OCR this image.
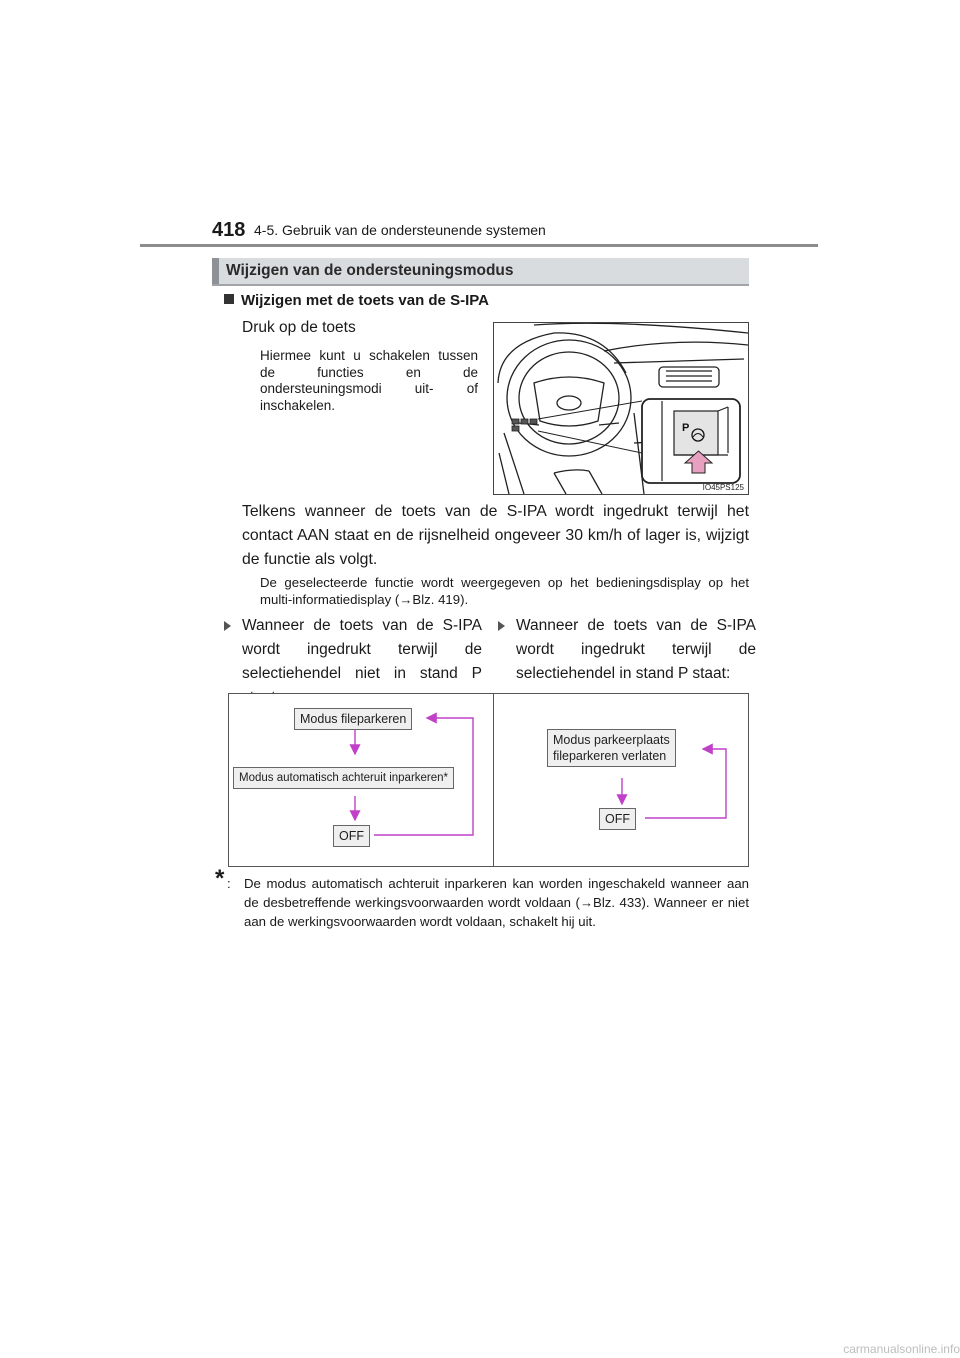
418 4-5. Gebruik van de ondersteunende systemen
Wijzigen van de ondersteuningsmodus
Wijzigen met de toets van de S-IPA
Druk op de toets
Hiermee kunt u schakelen tussen de functies en de ondersteuningsmodi uit- of inschakelen.
P
IO45PS125
Telkens wanneer de toets van de S-IPA wordt ingedrukt terwijl het contact AAN staat en de rijsnelheid ongeveer 30 km/h of lager is, wijzigt de functie als volgt.
De geselecteerde functie wordt weergegeven op het bedieningsdisplay op het multi-informatiedisplay (→Blz. 419).
Wanneer de toets van de S-IPA wordt ingedrukt terwijl de selectiehendel niet in stand P
Wanneer de toets van de S-IPA wordt ingedrukt terwijl de selectiehendel in stand P staat:
Modus fileparkeren
Modus automatisch achteruit inparkeren*
OFF
Modus parkeerplaats
fileparkeren verlaten
OFF
* : De modus automatisch achteruit inparkeren kan worden ingeschakeld wanneer aan de desbetreffende werkingsvoorwaarden wordt voldaan (→Blz. 433). Wanneer er niet aan de werkingsvoorwaarden wordt voldaan, schakelt hij uit.
carmanualsonline.info
